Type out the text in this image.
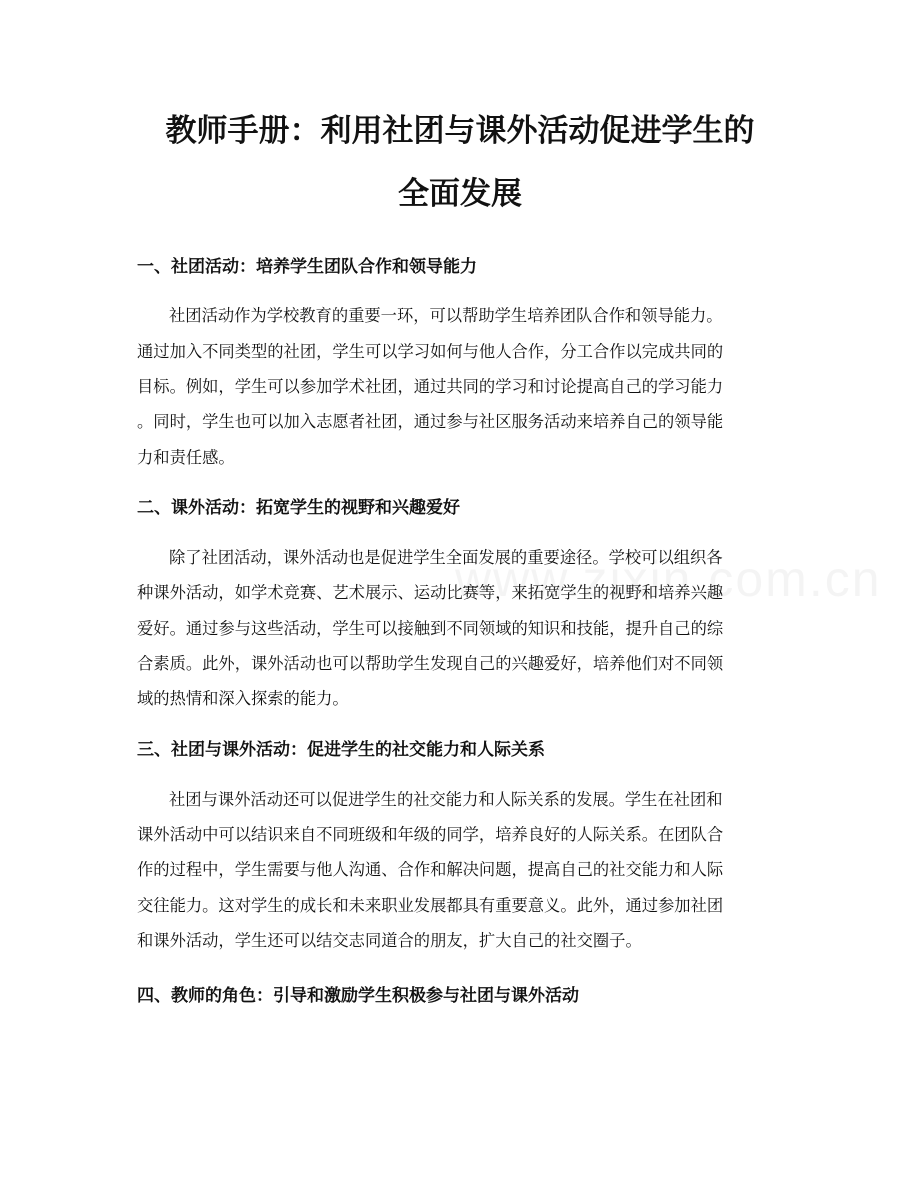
教师手册：利用社团与课外活动促进学生的
全面发展
一、社团活动：培养学生团队合作和领导能力
社团活动作为学校教育的重要一环，可以帮助学生培养团队合作和领导能力。
通过加入不同类型的社团，学生可以学习如何与他人合作，分工合作以完成共同的
目标。例如，学生可以参加学术社团，通过共同的学习和讨论提高自己的学习能力
。同时，学生也可以加入志愿者社团，通过参与社区服务活动来培养自己的领导能
力和责任感。
二、课外活动：拓宽学生的视野和兴趣爱好
除了社团活动，课外活动也是促进学生全面发展的重要途径。学校可以组织各
种课外活动，如学术竞赛、艺术展示、运动比赛等，来拓宽学生的视野和培养兴趣
爱好。通过参与这些活动，学生可以接触到不同领域的知识和技能，提升自己的综
合素质。此外，课外活动也可以帮助学生发现自己的兴趣爱好，培养他们对不同领
域的热情和深入探索的能力。
三、社团与课外活动：促进学生的社交能力和人际关系
社团与课外活动还可以促进学生的社交能力和人际关系的发展。学生在社团和
课外活动中可以结识来自不同班级和年级的同学，培养良好的人际关系。在团队合
作的过程中，学生需要与他人沟通、合作和解决问题，提高自己的社交能力和人际
交往能力。这对学生的成长和未来职业发展都具有重要意义。此外，通过参加社团
和课外活动，学生还可以结交志同道合的朋友，扩大自己的社交圈子。
四、教师的角色：引导和激励学生积极参与社团与课外活动
